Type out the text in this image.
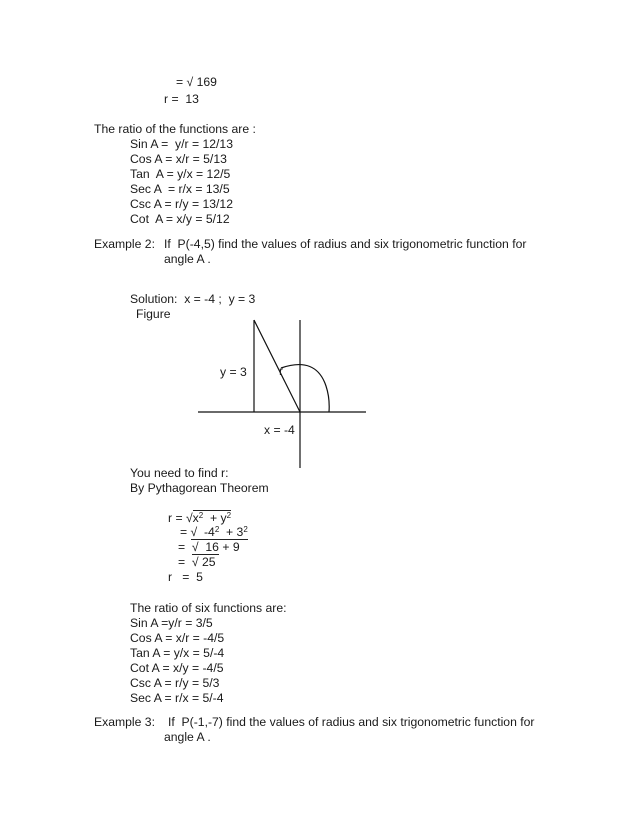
= √ 169
r =  13
The ratio of the functions are :
Sin A =  y/r = 12/13
Cos A = x/r = 5/13
Tan  A = y/x = 12/5
Sec A  = r/x = 13/5
Csc A = r/y = 13/12
Cot  A = x/y = 5/12
Example 2: If  P(-4,5) find the values of radius and six trigonometric function for
angle A .
Solution:  x = -4 ;  y = 3
Figure
y = 3	r
x = -4
You need to find r:
By Pythagorean Theorem
$r = √x^2 + y^2$
= √  $-4^2 + 3^2$
=  √  16 + 9
=  √ 25
r   =  5
The ratio of six functions are:
Sin A =y/r = 3/5
Cos A = x/r = -4/5
Tan A = y/x = 5/-4
Cot A = x/y = -4/5
Csc A = r/y = 5/3
Sec A = r/x = 5/-4
Example 3: If  P(-1,-7) find the values of radius and six trigonometric function for
angle A .
